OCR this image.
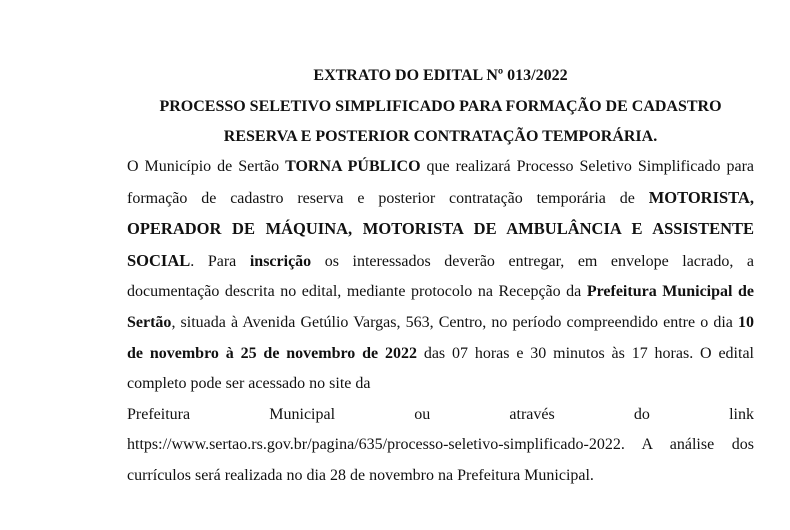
EXTRATO DO EDITAL Nº 013/2022

PROCESSO SELETIVO SIMPLIFICADO PARA FORMAÇÃO DE CADASTRO

RESERVA E POSTERIOR CONTRATAÇÃO TEMPORÁRIA.

O Município de Sertão TORNA PÚBLICO que realizará Processo Seletivo Simplificado para formação de cadastro reserva e posterior contratação temporária de MOTORISTA, OPERADOR DE MÁQUINA, MOTORISTA DE AMBULÂNCIA E ASSISTENTE SOCIAL. Para inscrição os interessados deverão entregar, em envelope lacrado, a documentação descrita no edital, mediante protocolo na Recepção da Prefeitura Municipal de Sertão, situada à Avenida Getúlio Vargas, 563, Centro, no período compreendido entre o dia 10 de novembro à 25 de novembro de 2022 das 07 horas e 30 minutos às 17 horas. O edital completo pode ser acessado no site da

Prefeitura	Municipal	ou	através	do	link

https://www.sertao.rs.gov.br/pagina/635/processo-seletivo-simplificado-2022. A análise dos currículos será realizada no dia 28 de novembro na Prefeitura Municipal.
